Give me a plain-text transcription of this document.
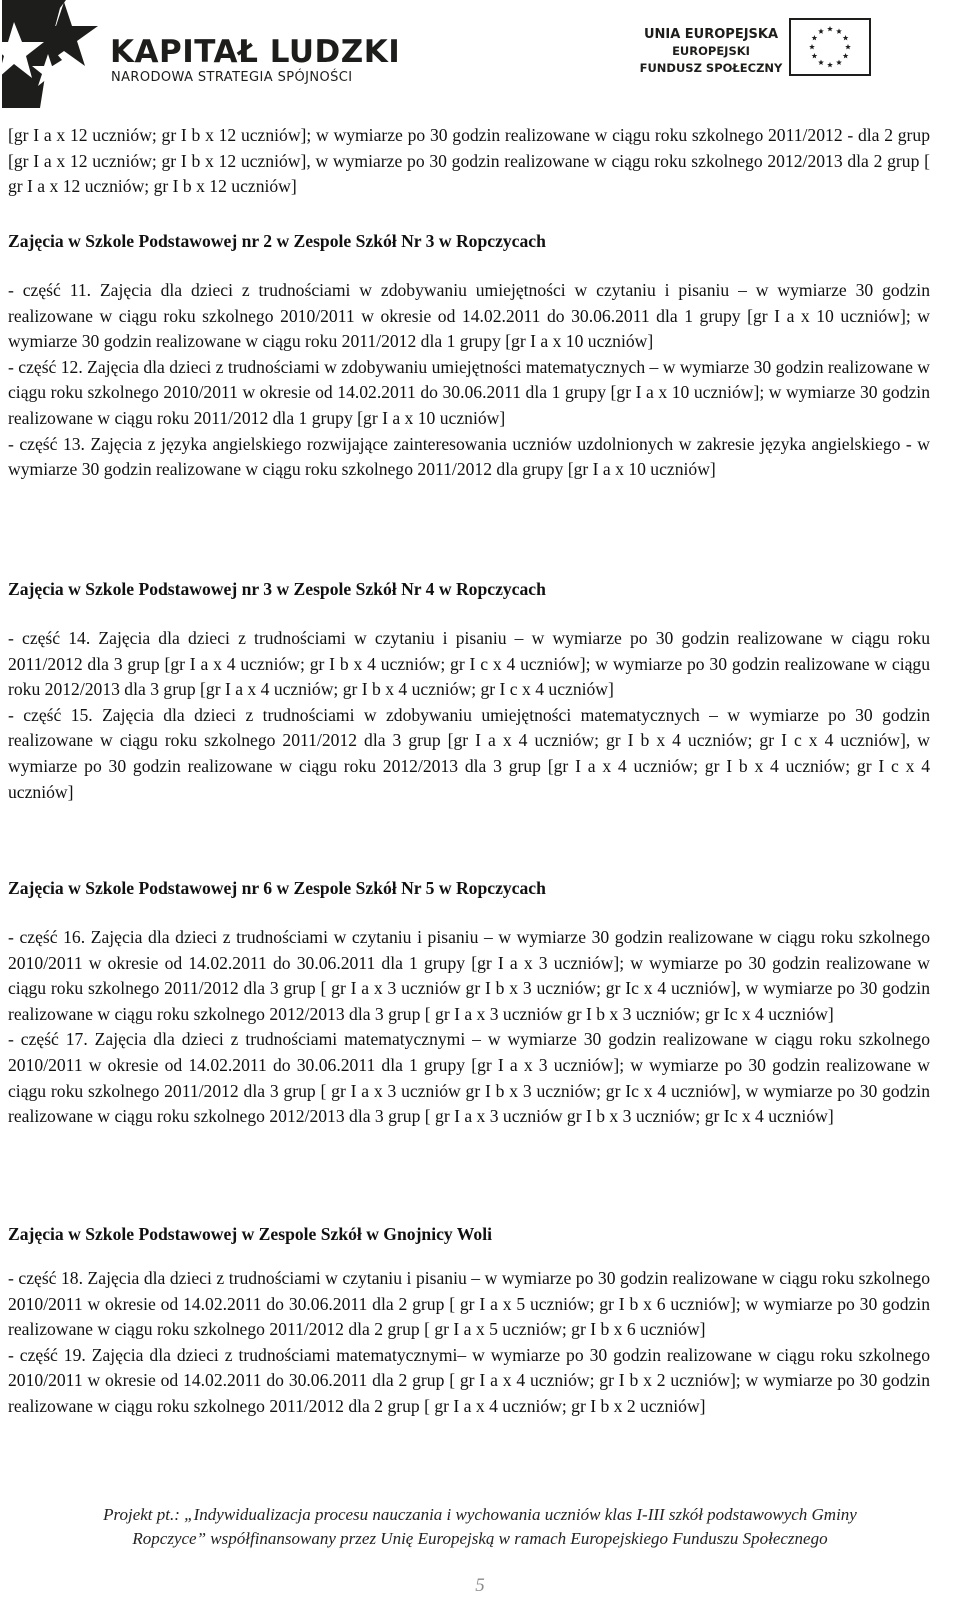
KAPITAŁ LUDZKI
NARODOWA STRATEGIA SPÓJNOŚCI
UNIA EUROPEJSKA
EUROPEJSKI
FUNDUSZ SPOŁECZNY
[gr I a x 12 uczniów; gr I b x 12 uczniów]; w wymiarze po 30 godzin realizowane w ciągu roku szkolnego 2011/2012 - dla 2 grup [gr I a x 12 uczniów; gr I b x 12 uczniów], w wymiarze po 30 godzin realizowane w ciągu roku szkolnego 2012/2013 dla 2 grup [ gr I a x 12 uczniów; gr I b x 12 uczniów]
Zajęcia w Szkole Podstawowej nr 2 w Zespole Szkół Nr 3 w Ropczycach
- część 11. Zajęcia dla dzieci z trudnościami w zdobywaniu umiejętności w czytaniu i pisaniu – w wymiarze 30 godzin realizowane w ciągu roku szkolnego 2010/2011 w okresie od 14.02.2011 do 30.06.2011 dla 1 grupy [gr I a x 10 uczniów]; w wymiarze 30 godzin realizowane w ciągu roku 2011/2012 dla 1 grupy [gr I a x 10 uczniów]
- część 12. Zajęcia dla dzieci z trudnościami w zdobywaniu umiejętności matematycznych – w wymiarze 30 godzin realizowane w ciągu roku szkolnego 2010/2011 w okresie od 14.02.2011 do 30.06.2011 dla 1 grupy [gr I a x 10 uczniów]; w wymiarze 30 godzin realizowane w ciągu roku 2011/2012 dla 1 grupy [gr I a x 10 uczniów]
- część 13. Zajęcia z języka angielskiego rozwijające zainteresowania uczniów uzdolnionych w zakresie języka angielskiego - w wymiarze 30 godzin realizowane w ciągu roku szkolnego 2011/2012 dla grupy [gr I a x 10 uczniów]
Zajęcia w Szkole Podstawowej nr 3 w Zespole Szkół Nr 4 w Ropczycach
- część 14. Zajęcia dla dzieci z trudnościami w czytaniu i pisaniu – w wymiarze po 30 godzin realizowane w ciągu roku 2011/2012 dla 3 grup [gr I a x 4 uczniów; gr I b x 4 uczniów; gr I c x 4 uczniów]; w wymiarze po 30 godzin realizowane w ciągu roku 2012/2013 dla 3 grup [gr I a x 4 uczniów; gr I b x 4 uczniów; gr I c x 4 uczniów]
- część 15. Zajęcia dla dzieci z trudnościami w zdobywaniu umiejętności matematycznych – w wymiarze po 30 godzin realizowane w ciągu roku szkolnego 2011/2012 dla 3 grup [gr I a x 4 uczniów; gr I b x 4 uczniów; gr I c x 4 uczniów], w wymiarze po 30 godzin realizowane w ciągu roku 2012/2013 dla 3 grup [gr I a x 4 uczniów; gr I b x 4 uczniów; gr I c x 4 uczniów]
Zajęcia w Szkole Podstawowej nr 6 w Zespole Szkół Nr 5 w Ropczycach
- część 16. Zajęcia dla dzieci z trudnościami w czytaniu i pisaniu – w wymiarze 30 godzin realizowane w ciągu roku szkolnego 2010/2011 w okresie od 14.02.2011 do 30.06.2011 dla 1 grupy [gr I a x 3 uczniów]; w wymiarze po 30 godzin realizowane w ciągu roku szkolnego 2011/2012 dla 3 grup [ gr I a x 3 uczniów gr I b x 3 uczniów; gr Ic x 4 uczniów], w wymiarze po 30 godzin realizowane w ciągu roku szkolnego 2012/2013 dla 3 grup [ gr I a x 3 uczniów gr I b x 3 uczniów; gr Ic x 4 uczniów]
- część 17. Zajęcia dla dzieci z trudnościami matematycznymi – w wymiarze 30 godzin realizowane w ciągu roku szkolnego 2010/2011 w okresie od 14.02.2011 do 30.06.2011 dla 1 grupy [gr I a x 3 uczniów]; w wymiarze po 30 godzin realizowane w ciągu roku szkolnego 2011/2012 dla 3 grup [ gr I a x 3 uczniów gr I b x 3 uczniów; gr Ic x 4 uczniów], w wymiarze po 30 godzin realizowane w ciągu roku szkolnego 2012/2013 dla 3 grup [ gr I a x 3 uczniów gr I b x 3 uczniów; gr Ic x 4 uczniów]
Zajęcia w Szkole Podstawowej w Zespole Szkół w Gnojnicy Woli
- część 18. Zajęcia dla dzieci z trudnościami w czytaniu i pisaniu – w wymiarze po 30 godzin realizowane w ciągu roku szkolnego 2010/2011 w okresie od 14.02.2011 do 30.06.2011 dla 2 grup [ gr I a x 5 uczniów; gr I b x 6 uczniów]; w wymiarze po 30 godzin realizowane w ciągu roku szkolnego 2011/2012 dla 2 grup [ gr I a x 5 uczniów; gr I b x 6 uczniów]
- część 19. Zajęcia dla dzieci z trudnościami matematycznymi– w wymiarze po 30 godzin realizowane w ciągu roku szkolnego 2010/2011 w okresie od 14.02.2011 do 30.06.2011 dla 2 grup [ gr I a x 4 uczniów; gr I b x 2 uczniów]; w wymiarze po 30 godzin realizowane w ciągu roku szkolnego 2011/2012 dla 2 grup [ gr I a x 4 uczniów; gr I b x 2 uczniów]
Projekt pt.: „Indywidualizacja procesu nauczania i wychowania uczniów klas I-III szkół podstawowych Gminy
Ropczyce” współfinansowany przez Unię Europejską w ramach Europejskiego Funduszu Społecznego
5
